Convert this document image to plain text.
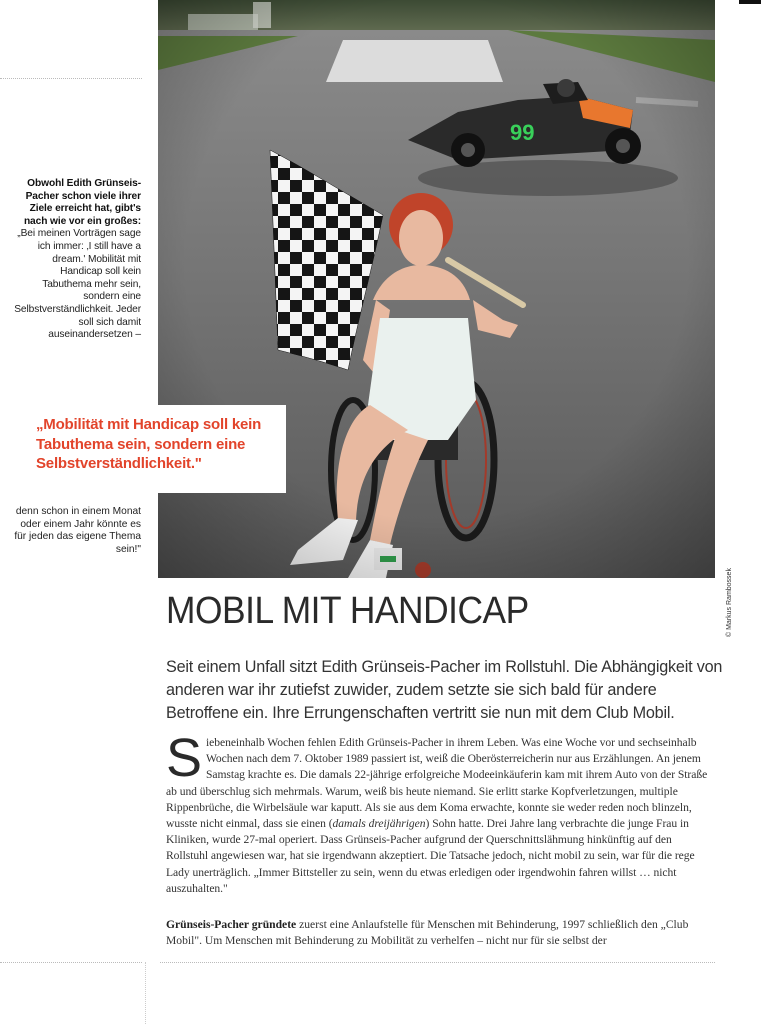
Obwohl Edith Grünseis-Pacher schon viele ihrer Ziele erreicht hat, gibt's nach wie vor ein großes: „Bei meinen Vorträgen sage ich immer: ‚I still have a dream.' Mobilität mit Handicap soll kein Tabuthema mehr sein, sondern eine Selbstverständlichkeit. Jeder soll sich damit auseinandersetzen –
„Mobilität mit Handicap soll kein Tabuthema sein, sondern eine Selbstverständlichkeit."
denn schon in einem Monat oder einem Jahr könnte es für jeden das eigene Thema sein!"
© Markus Rambossek
MOBIL MIT HANDICAP

Seit einem Unfall sitzt Edith Grünseis-Pacher im Rollstuhl. Die Abhängigkeit von anderen war ihr zutiefst zuwider, zudem setzte sie sich bald für andere Betroffene ein. Ihre Errungenschaften vertritt sie nun mit dem Club Mobil.

Siebeneinhalb Wochen fehlen Edith Grünseis-Pacher in ihrem Leben. Was eine Woche vor und sechseinhalb Wochen nach dem 7. Oktober 1989 passiert ist, weiß die Oberösterreicherin nur aus Erzählungen. An jenem Samstag krachte es. Die damals 22-jährige erfolgreiche Modeeinkäuferin kam mit ihrem Auto von der Straße ab und überschlug sich mehrmals. Warum, weiß bis heute niemand. Sie erlitt starke Kopfverletzungen, multiple Rippenbrüche, die Wirbelsäule war kaputt. Als sie aus dem Koma erwachte, konnte sie weder reden noch blinzeln, wusste nicht einmal, dass sie einen (damals dreijährigen) Sohn hatte. Drei Jahre lang verbrachte die junge Frau in Kliniken, wurde 27-mal operiert. Dass Grünseis-Pacher aufgrund der Querschnittslähmung hinkünftig auf den Rollstuhl angewiesen war, hat sie irgendwann akzeptiert. Die Tatsache jedoch, nicht mobil zu sein, war für die rege Lady unerträglich. „Immer Bittsteller zu sein, wenn du etwas erledigen oder irgendwohin fahren willst … nicht auszuhalten."

Grünseis-Pacher gründete zuerst eine Anlaufstelle für Menschen mit Behinderung, 1997 schließlich den „Club Mobil". Um Menschen mit Behinderung zu Mobilität zu verhelfen – nicht nur für sie selbst der
